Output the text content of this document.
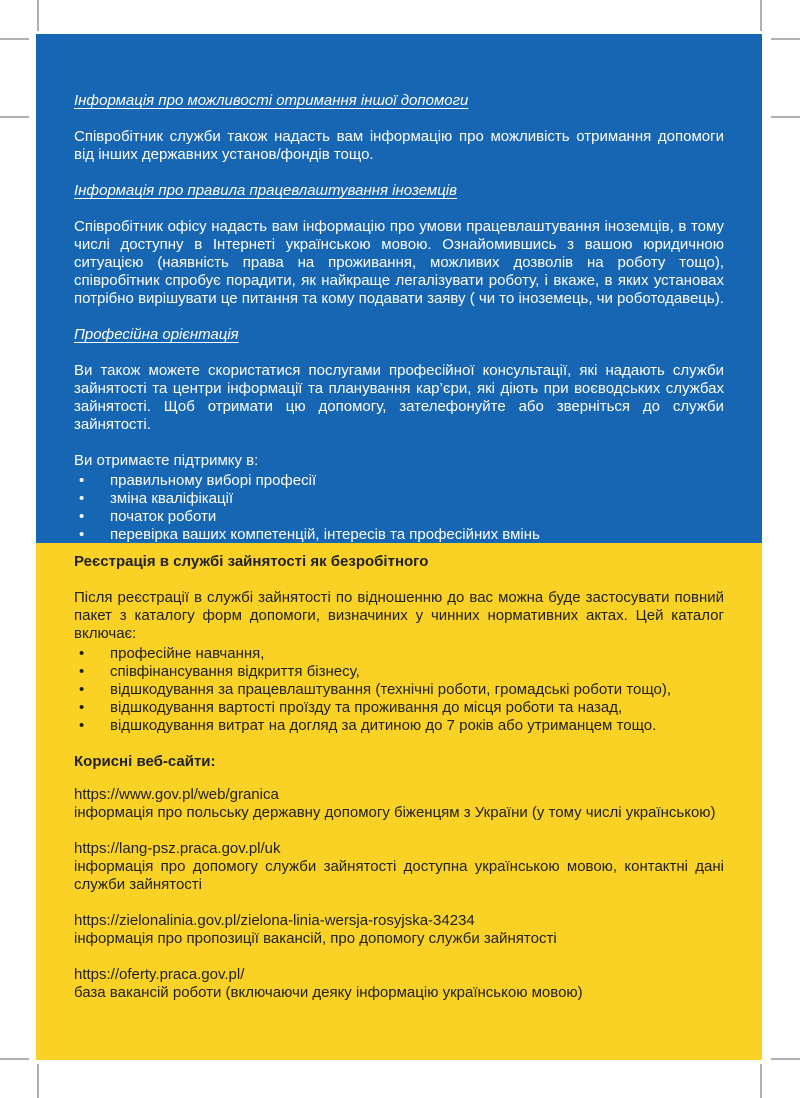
Інформація про можливості отримання іншої допомоги

Співробітник служби також надасть вам інформацію про можливість отримання допомоги від інших державних установ/фондів тощо.

Інформація про правила працевлаштування іноземців

Співробітник офісу надасть вам інформацію про умови працевлаштування іноземців, в тому числі доступну в Інтернеті українською мовою. Ознайомившись з вашою юридичною ситуацією (наявність права на проживання, можливих дозволів на роботу тощо), співробітник спробує порадити, як найкраще легалізувати роботу, і вкаже, в яких установах потрібно вирішувати це питання та кому подавати заяву ( чи то іноземець, чи роботодавець).

Професійна орієнтація

Ви також можете скористатися послугами професійної консультації, які надають служби зайнятості та центри інформації та планування кар’єри, які діють при воєводських службах зайнятості. Щоб отримати цю допомогу, зателефонуйте або зверніться до служби зайнятості.

Ви отримаєте підтримку в:

•	правильному виборі професії
•	зміна кваліфікації
•	початок роботи
•	перевірка ваших компетенцій, інтересів та професійних вмінь

Реєстрація в службі зайнятості як безробітного

Після реєстрації в службі зайнятості по відношенню до вас можна буде застосувати повний пакет з каталогу форм допомоги, визначиних у чинних нормативних актах. Цей каталог включає:

•	професійне навчання,
•	співфінансування відкриття бізнесу,
•	відшкодування за працевлаштування (технічні роботи, громадські роботи тощо),
•	відшкодування вартості проїзду та проживання до місця роботи та назад,
•	відшкодування витрат на догляд за дитиною до 7 років або утриманцем тощо.

Корисні веб-сайти:

https://www.gov.pl/web/granica

інформація про польську державну допомогу біженцям з України (у тому числі українською)

https://lang-psz.praca.gov.pl/uk

інформація про допомогу служби зайнятості доступна українською мовою, контактні дані служби зайнятості

https://zielonalinia.gov.pl/zielona-linia-wersja-rosyjska-34234

інформація про пропозиції вакансій, про допомогу служби зайнятості

https://oferty.praca.gov.pl/

база вакансій роботи (включаючи деяку інформацію українською мовою)
